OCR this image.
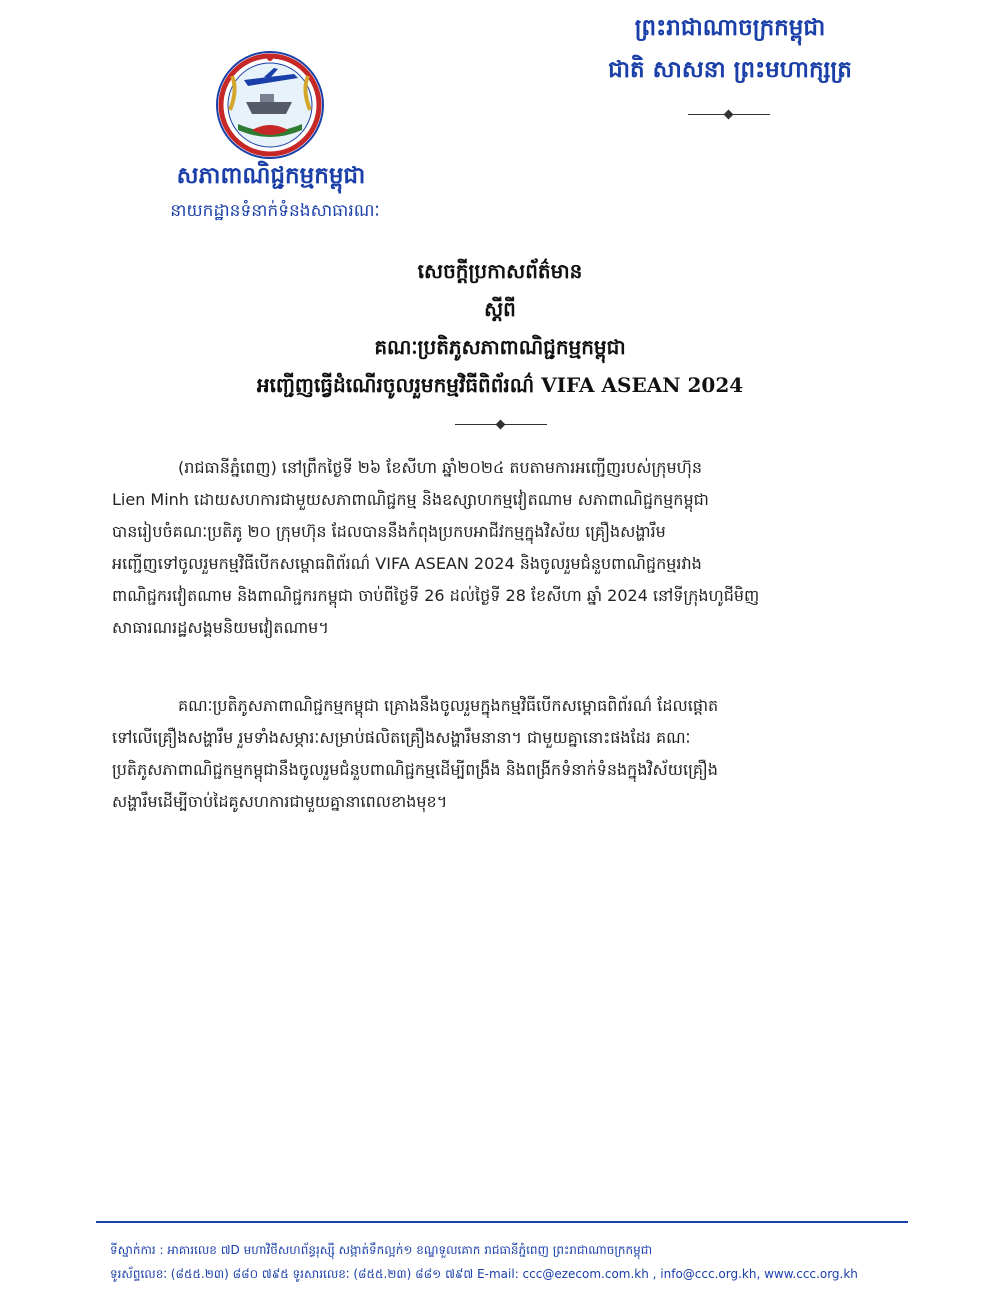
សភាពាណិជ្ជកម្មកម្ពុជា
នាយកដ្ឋានទំនាក់ទំនងសាធារណៈ
ព្រះរាជាណាចក្រកម្ពុជា
ជាតិ សាសនា ព្រះមហាក្សត្រ
សេចក្តីប្រកាសព័ត៌មាន
ស្តីពី
គណៈប្រតិភូសភាពាណិជ្ជកម្មកម្ពុជា
អញ្ជើញធ្វើដំណើរចូលរួមកម្មវិធីពិព័រណ៌ VIFA ASEAN 2024
(រាជធានីភ្នំពេញ) នៅព្រឹកថ្ងៃទី ២៦ ខែសីហា ឆ្នាំ២០២៤ តបតាមការអញ្ជើញរបស់ក្រុមហ៊ុន
Lien Minh ដោយសហការជាមួយសភាពាណិជ្ជកម្ម និងឧស្សាហកម្មវៀតណាម សភាពាណិជ្ជកម្មកម្ពុជា
បានរៀបចំគណៈប្រតិភូ ២០ ក្រុមហ៊ុន ដែលបាននឹងកំពុងប្រកបអាជីវកម្មក្នុងវិស័យ គ្រឿងសង្ហារឹម
អញ្ជើញទៅចូលរួមកម្មវិធីបើកសម្ពោធពិព័រណ៌ VIFA ASEAN 2024 និងចូលរួមជំនួបពាណិជ្ជកម្មរវាង
ពាណិជ្ជករវៀតណាម និងពាណិជ្ជករកម្ពុជា ចាប់ពីថ្ងៃទី 26 ដល់ថ្ងៃទី 28 ខែសីហា ឆ្នាំ 2024 នៅទីក្រុងហូជីមិញ
សាធារណរដ្ឋសង្គមនិយមវៀតណាម។
គណៈប្រតិភូសភាពាណិជ្ជកម្មកម្ពុជា គ្រោងនឹងចូលរួមក្នុងកម្មវិធីបើកសម្ពោធពិព័រណ៌ ដែលផ្តោត
ទៅលើគ្រឿងសង្ហារឹម រួមទាំងសម្ភារៈសម្រាប់ផលិតគ្រឿងសង្ហារឹមនានា។ ជាមួយគ្នានោះផងដែរ គណៈ
ប្រតិភូសភាពាណិជ្ជកម្មកម្ពុជានឹងចូលរួមជំនួបពាណិជ្ជកម្មដើម្បីពង្រឹង និងពង្រីកទំនាក់ទំនងក្នុងវិស័យគ្រឿង
សង្ហារឹមដើម្បីចាប់ដៃគូសហការជាមួយគ្នានាពេលខាងមុខ។
ទីស្នាក់ការ : អាគារលេខ ៧D មហាវិថីសហព័ន្ធរុស្ស៊ី សង្កាត់ទឹកល្អក់១ ខណ្ឌទួលគោក រាជធានីភ្នំពេញ ព្រះរាជាណាចក្រកម្ពុជា
ទូរស័ព្ទលេខៈ (៨៥៥.២៣) ៨៨០ ៧៩៥ ទូរសារលេខៈ (៨៥៥.២៣) ៨៨១ ៧៩៧ E-mail: ccc@ezecom.com.kh , info@ccc.org.kh, www.ccc.org.kh
